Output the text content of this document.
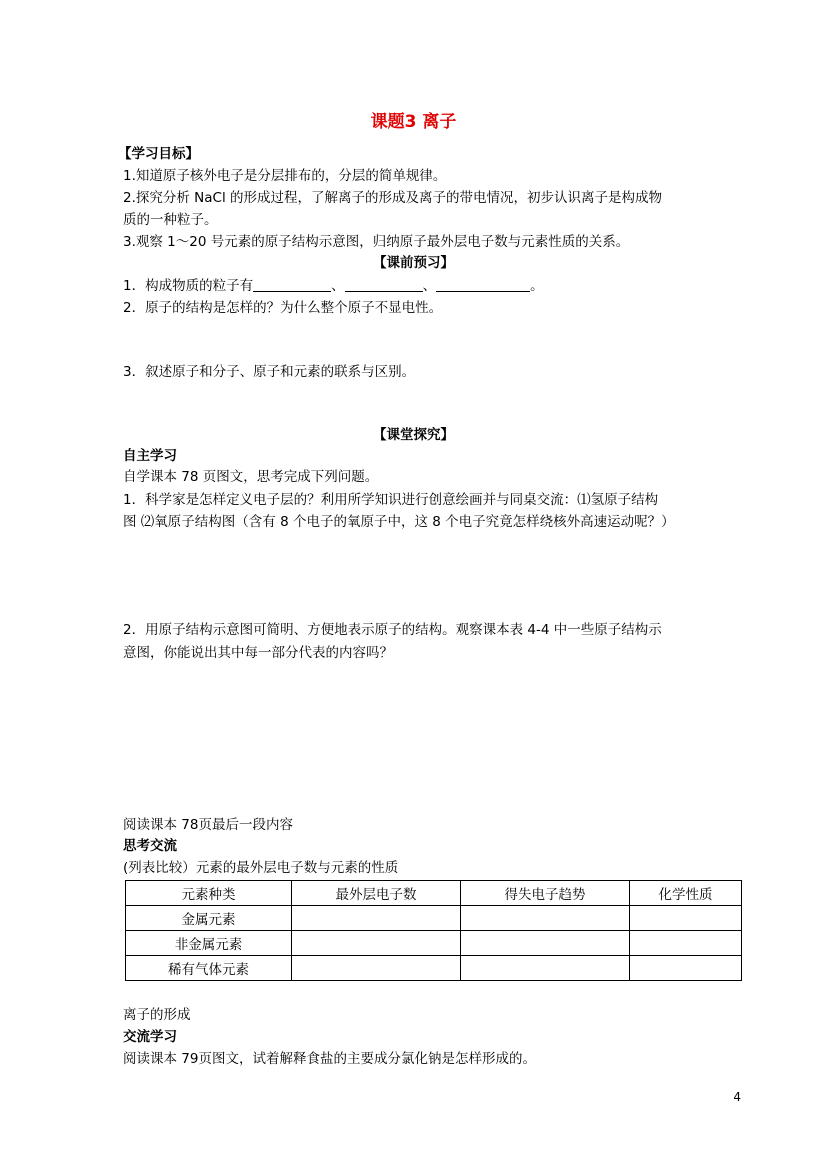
课题3 离子
【学习目标】
1.知道原子核外电子是分层排布的，分层的简单规律。
2.探究分析 NaCl 的形成过程，了解离子的形成及离子的带电情况，初步认识离子是构成物
质的一种粒子。
3.观察 1～20 号元素的原子结构示意图，归纳原子最外层电子数与元素性质的关系。
【课前预习】
1．构成物质的粒子有	、	、	。
2．原子的结构是怎样的？为什么整个原子不显电性。
3．叙述原子和分子、原子和元素的联系与区别。
【课堂探究】
自主学习
自学课本 78 页图文，思考完成下列问题。
1．科学家是怎样定义电子层的？利用所学知识进行创意绘画并与同桌交流：⑴氢原子结构
图 ⑵氧原子结构图（含有 8 个电子的氧原子中，这 8 个电子究竟怎样绕核外高速运动呢？）
2．用原子结构示意图可简明、方便地表示原子的结构。观察课本表 4-4 中一些原子结构示
意图，你能说出其中每一部分代表的内容吗？
阅读课本 78页最后一段内容
思考交流
(列表比较）元素的最外层电子数与元素的性质
元素种类	最外层电子数	得失电子趋势	化学性质
金属元素			
非金属元素			
稀有气体元素			
离子的形成
交流学习
阅读课本 79页图文，试着解释食盐的主要成分氯化钠是怎样形成的。
4
